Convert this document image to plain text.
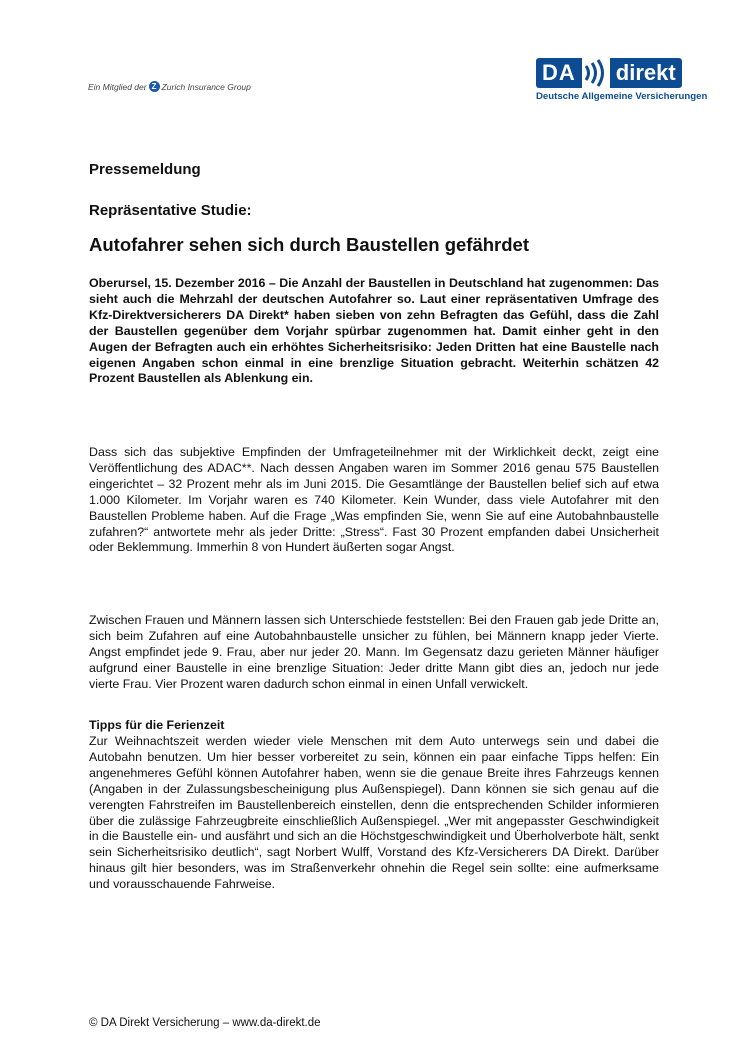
Ein Mitglied der Z Zurich Insurance Group
DA direkt
Deutsche Allgemeine Versicherungen
Pressemeldung
Repräsentative Studie:
Autofahrer sehen sich durch Baustellen gefährdet

Oberursel, 15. Dezember 2016 – Die Anzahl der Baustellen in Deutschland hat zugenommen: Das sieht auch die Mehrzahl der deutschen Autofahrer so. Laut einer repräsentativen Umfrage des Kfz-Direktversicherers DA Direkt* haben sieben von zehn Befragten das Gefühl, dass die Zahl der Baustellen gegenüber dem Vorjahr spürbar zugenommen hat. Damit einher geht in den Augen der Befragten auch ein erhöhtes Sicherheitsrisiko: Jeden Dritten hat eine Baustelle nach eigenen Angaben schon einmal in eine brenzlige Situation gebracht. Weiterhin schätzen 42 Prozent Baustellen als Ablenkung ein.

Dass sich das subjektive Empfinden der Umfrageteilnehmer mit der Wirklichkeit deckt, zeigt eine Veröffentlichung des ADAC**. Nach dessen Angaben waren im Sommer 2016 genau 575 Baustellen eingerichtet – 32 Prozent mehr als im Juni 2015. Die Gesamtlänge der Baustellen belief sich auf etwa 1.000 Kilometer. Im Vorjahr waren es 740 Kilometer. Kein Wunder, dass viele Autofahrer mit den Baustellen Probleme haben. Auf die Frage „Was empfinden Sie, wenn Sie auf eine Autobahnbaustelle zufahren?“ antwortete mehr als jeder Dritte: „Stress“. Fast 30 Prozent empfanden dabei Unsicherheit oder Beklemmung. Immerhin 8 von Hundert äußerten sogar Angst.

Zwischen Frauen und Männern lassen sich Unterschiede feststellen: Bei den Frauen gab jede Dritte an, sich beim Zufahren auf eine Autobahnbaustelle unsicher zu fühlen, bei Männern knapp jeder Vierte. Angst empfindet jede 9. Frau, aber nur jeder 20. Mann. Im Gegensatz dazu gerieten Männer häufiger aufgrund einer Baustelle in eine brenzlige Situation: Jeder dritte Mann gibt dies an, jedoch nur jede vierte Frau. Vier Prozent waren dadurch schon einmal in einen Unfall verwickelt.

Tipps für die Ferienzeit

Zur Weihnachtszeit werden wieder viele Menschen mit dem Auto unterwegs sein und dabei die Autobahn benutzen. Um hier besser vorbereitet zu sein, können ein paar einfache Tipps helfen: Ein angenehmeres Gefühl können Autofahrer haben, wenn sie die genaue Breite ihres Fahrzeugs kennen (Angaben in der Zulassungsbescheinigung plus Außenspiegel). Dann können sie sich genau auf die verengten Fahrstreifen im Baustellenbereich einstellen, denn die entsprechenden Schilder informieren über die zulässige Fahrzeugbreite einschließlich Außenspiegel. „Wer mit angepasster Geschwindigkeit in die Baustelle ein- und ausfährt und sich an die Höchstgeschwindigkeit und Überholverbote hält, senkt sein Sicherheitsrisiko deutlich“, sagt Norbert Wulff, Vorstand des Kfz-Versicherers DA Direkt. Darüber hinaus gilt hier besonders, was im Straßenverkehr ohnehin die Regel sein sollte: eine aufmerksame und vorausschauende Fahrweise.

© DA Direkt Versicherung – www.da-direkt.de
